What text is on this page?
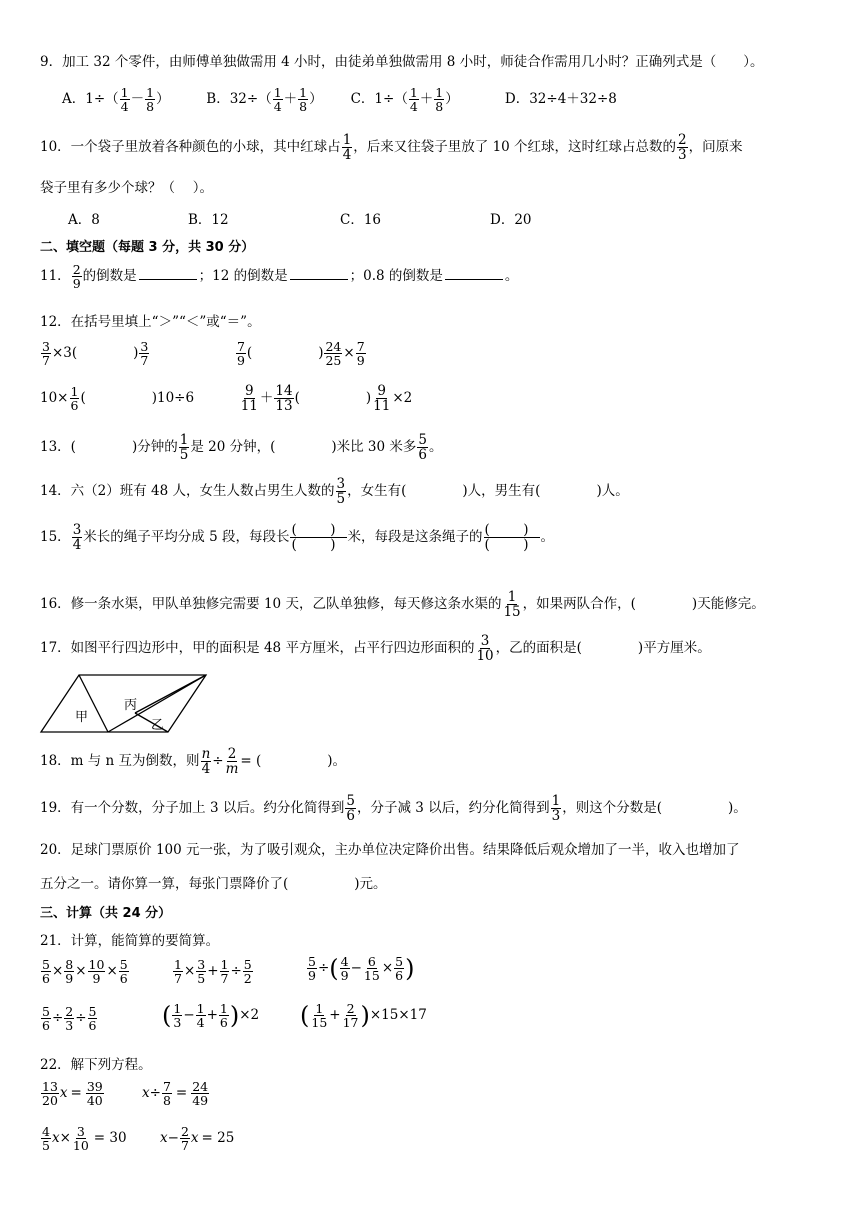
9．加工 32 个零件，由师傅单独做需用 4 小时，由徒弟单独做需用 8 小时，师徒合作需用几小时？正确列式是（　　）。
A．$1\div( \frac{1}{4} - \frac{1}{8}$ ）	B．$32\div( \frac{1}{4} + \frac{1}{8}$ ） C．$1\div( \frac{1}{4} + \frac{1}{8}$ ）	D．32÷4＋32÷8
10．一个袋子里放着各种颜色的小球，其中红球占 $\frac{1}{4}$ ，后来又往袋子里放了 10 个红球，这时红球占总数的 $\frac{2}{3}$ ，问原来
袋子里有多少个球？（　 ）。
A．8	B．12	C．16	D．20
二、填空题（每题 3 分，共 30 分）
11． $\frac{2}{9}$ 的倒数是	；12 的倒数是	；0.8 的倒数是	。
12．在括号里填上“＞”“＜”或“＝”。
$\frac{3}{7} \times 3$(	) $\frac{3}{7}$
	$\frac{7}{9}$ (	) $\frac{24}{25} \times \frac{7}{9}$
$10\times \frac{1}{6}$ (	)10÷6	$\frac{9}{11} + \frac{14}{13}$ (	) $\frac{9}{11} \times 2$
13．(	)分钟的 $\frac{1}{5}$ 是 20 分钟，(	)米比 30 米多 $\frac{5}{6}$ 。
14．六（2）班有 48 人，女生人数占男生人数的 $\frac{3}{5}$ ，女生有(	)人，男生有(	)人。
15． $\frac{3}{4}$ 米长的绳子平均分成 5 段，每段长 $\frac{( )}{( )}$ 米，每段是这条绳子的 $\frac{( )}{( )}$ 。
16．修一条水渠，甲队单独修完需要 10 天，乙队单独修，每天修这条水渠的 $\frac{1}{15}$ ，如果两队合作，(	)天能修完。
17．如图平行四边形中，甲的面积是 48 平方厘米，占平行四边形面积的 $\frac{3}{10}$ ，乙的面积是(	)平方厘米。
甲
丙
乙
18．m 与 n 互为倒数，则 $\frac{n}{4} \div \frac{2}{m}$ = (	)。
19．有一个分数，分子加上 3 以后。约分化简得到 $\frac{5}{6}$ ，分子减 3 以后，约分化简得到 $\frac{1}{3}$ ，则这个分数是(	)。
20．足球门票原价 100 元一张，为了吸引观众，主办单位决定降价出售。结果降低后观众增加了一半，收入也增加了
五分之一。请你算一算，每张门票降价了(	)元。
三、计算（共 24 分）
21．计算，能简算的要简算。
$\frac{5}{6} \times \frac{8}{9} \times \frac{10}{9} \times \frac{5}{6}$	$\frac{1}{7} \times \frac{3}{5} + \frac{1}{7} \div \frac{5}{2}$	$\frac{5}{9}$ ÷( $\frac{4}{9} - \frac{6}{15} \times \frac{5}{6}$ )
$\frac{5}{6} \div \frac{2}{3} \div \frac{5}{6}$	( $\frac{1}{3} - \frac{1}{4} + \frac{1}{6} )\times 2$ ( $\frac{1}{15} + \frac{2}{17} )\times 15\times 17$
22．解下列方程。
$\frac{13}{20}$ $x = \frac{39}{40}$	$x\div \frac{7}{8} = \frac{24}{49}$
$\frac{4}{5} x\times \frac{3}{10} = 30$ $x- \frac{2}{7}$ x = 25
